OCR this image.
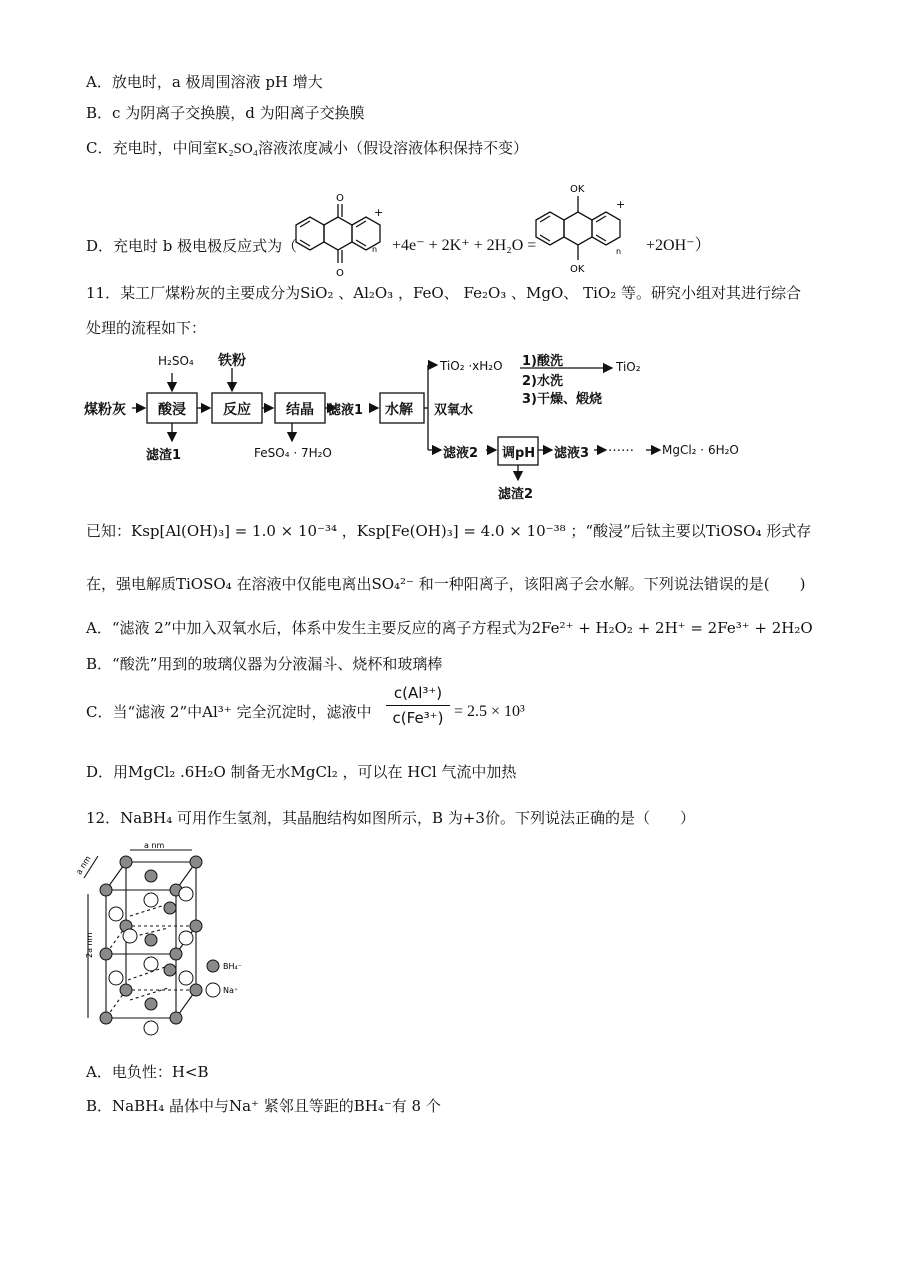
A．放电时，a 极周围溶液 pH 增大
B．c 为阴离子交换膜，d 为阳离子交换膜
C．充电时，中间室K₂SO₄溶液浓度减小（假设溶液体积保持不变）
D．充电时 b 极电极反应式为（
O
O
+
n +4e⁻ + 2K⁺ + 2H₂O =
OK
OK
+
n +2OH⁻）
11．某工厂煤粉灰的主要成分为SiO₂ 、Al₂O₃ ，FeO、 Fe₂O₃ 、MgO、 TiO₂ 等。研究小组对其进行综合
处理的流程如下：
H₂SO₄ 铁粉
煤粉灰 酸浸	反应	结晶 滤液1 水解
TiO₂ ·xH₂O 1)酸洗
2)水洗
3)干燥、煅烧
TiO₂
双氧水
滤渣1	FeSO₄ · 7H₂O	滤液2 调pH 滤液3 …… MgCl₂ · 6H₂O
滤渣2
已知：Ksp[Al(OH)₃] = 1.0 × 10⁻³⁴ ，Ksp[Fe(OH)₃] = 4.0 × 10⁻³⁸ ；“酸浸”后钛主要以TiOSO₄ 形式存
在，强电解质TiOSO₄ 在溶液中仅能电离出SO₄²⁻ 和一种阳离子，该阳离子会水解。下列说法错误的是(　　)
A．“滤液 2”中加入双氧水后，体系中发生主要反应的离子方程式为2Fe²⁺ + H₂O₂ + 2H⁺ = 2Fe³⁺ + 2H₂O
B．“酸洗”用到的玻璃仪器为分液漏斗、烧杯和玻璃棒
C．当“滤液 2”中Al³⁺ 完全沉淀时，滤液中
c(Al³⁺)
c(Fe³⁺) = 2.5 × 10³
D．用MgCl₂ .6H₂O 制备无水MgCl₂ ，可以在 HCl 气流中加热
12．NaBH₄ 可用作生氢剂，其晶胞结构如图所示，B 为+3价。下列说法正确的是（　　）
a nm
a nm
2a nm
BH₄⁻
Na⁺
A．电负性：H<B
B．NaBH₄ 晶体中与Na⁺ 紧邻且等距的BH₄⁻有 8 个
